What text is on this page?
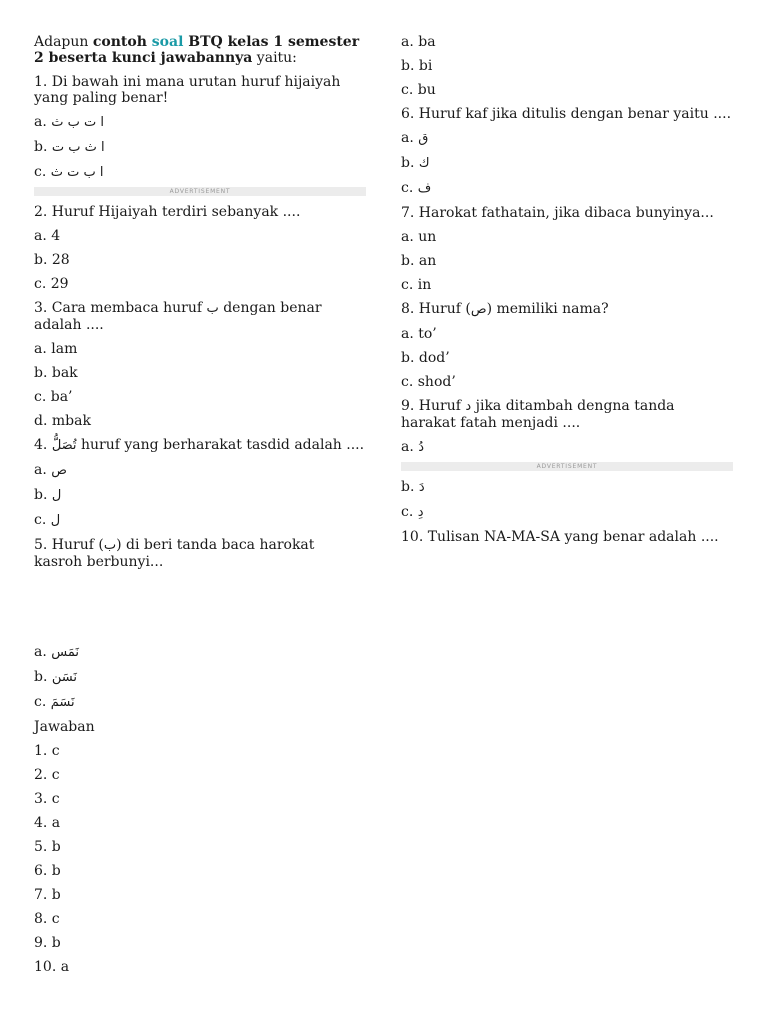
Adapun contoh soal BTQ kelas 1 semester 2 beserta kunci jawabannya yaitu:
1. Di bawah ini mana urutan huruf hijaiyah yang paling benar!
a. ا ت ب ث
b. ا ث ب ت
c. ا ب ت ث
ADVERTISEMENT
2. Huruf Hijaiyah terdiri sebanyak ....
a. 4
b. 28
c. 29
3. Cara membaca huruf ب dengan benar adalah ....
a. lam
b. bak
c. ba’
d. mbak
4. تُصَلُّ huruf yang berharakat tasdid adalah ....
a. ص
b. ل
c. ل
5. Huruf (ب) di beri tanda baca harokat kasroh berbunyi...
a. نَمَس
b. نَسَن
c. نَسَمَ
Jawaban
1. c
2. c
3. c
4. a
5. b
6. b
7. b
8. c
9. b
10. a
a. ba
b. bi
c. bu
6. Huruf kaf jika ditulis dengan benar yaitu ....
a. ق
b. ك
c. ف
7. Harokat fathatain, jika dibaca bunyinya...
a. un
b. an
c. in
8. Huruf (ص) memiliki nama?
a. to’
b. dod’
c. shod’
9. Huruf د jika ditambah dengna tanda harakat fatah menjadi ....
a. دُ
ADVERTISEMENT
b. دَ
c. دِ
10. Tulisan NA-MA-SA yang benar adalah ....
